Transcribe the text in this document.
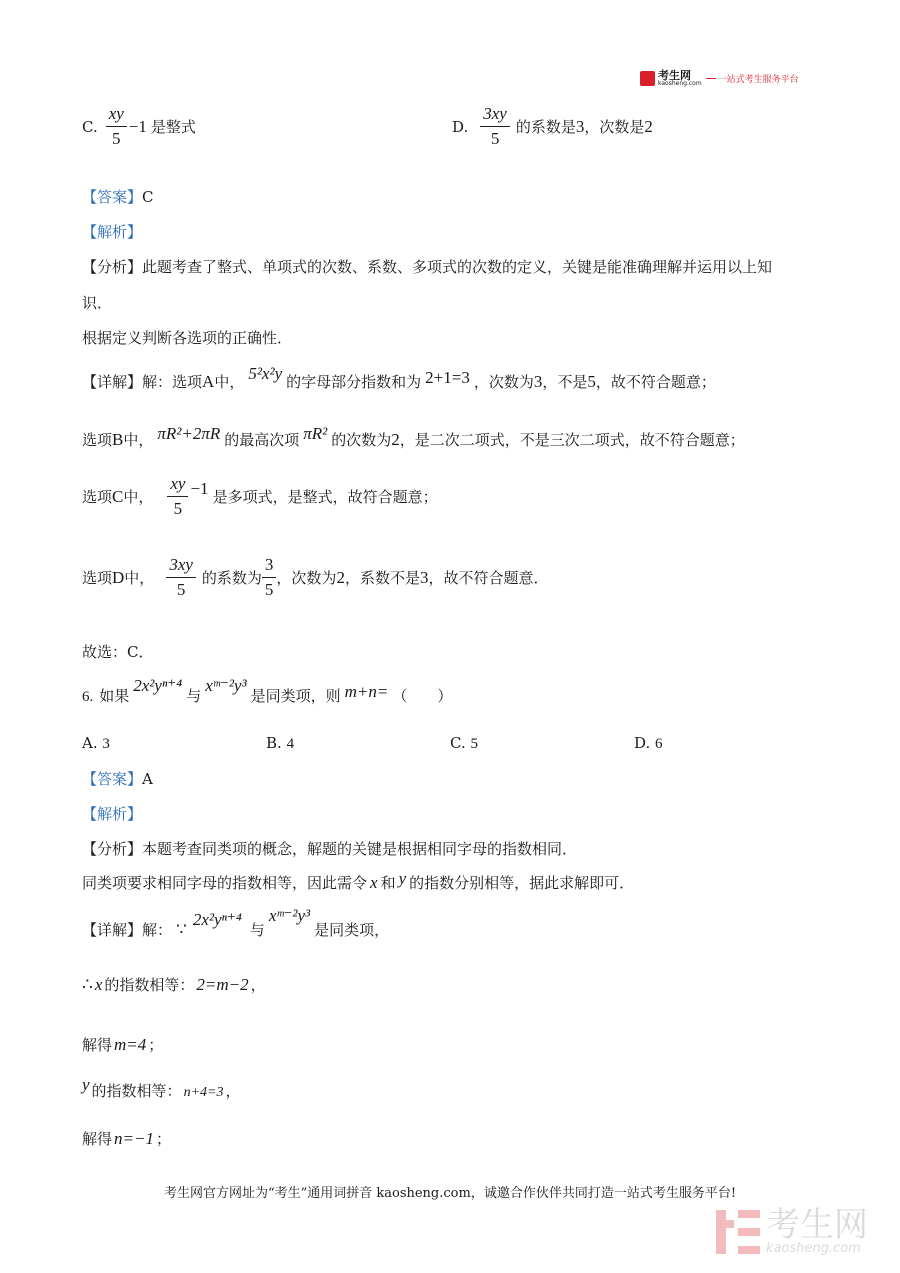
考生网
kaosheng.com 一站式考生服务平台
C. $\frac{xy}{5} -1$ 是整式	D. $\frac{3xy}{5}$ 的系数是 3 ，次数是 2
【答案】C
【解析】
【分析】此题考查了整式、单项式的次数、系数、多项式的次数的定义，关键是能准确理解并运用以上知
识．
根据定义判断各选项的正确性．
【详解】 解：选项 A 中， 5²x²y 的字母部分指数和为 2+1=3 ，次数为 3 ，不是 5 ，故不符合题意；
选项 B 中， πR²+2πR 的最高次项 πR² 的次数为 2 ，是二次二项式，不是三次二项式，故不符合题意；
选项 C 中， $\frac{xy}{5} -1$ 是多项式，是整式，故符合题意；
选项 D 中， $\frac{3xy}{5}$ 的系数为 $\frac{3}{5}$ ，次数为 2 ，系数不是 3 ，故不符合题意．
故选：C．
6. 如果
2x²yⁿ⁺⁴
与
xᵐ⁻²y³
是同类项，则 m+n= （　　）
A. 3	B. 4	C. 5	D. 6
【答案】A
【解析】
【分析】本题考查同类项的概念，解题的关键是根据相同字母的指数相同．
同类项要求相同字母的指数相等，因此需令 x 和 y 的指数分别相等，据此求解即可．
【详解】 解： ∵
2x²yⁿ⁺⁴
与
xᵐ⁻²y³
是同类项，
∴ x 的指数相等： 2=m−2 ，
解得 m=4 ；
y 的指数相等： n+4=3 ，
解得 n=−1 ；
考生网官方网址为“考生”通用词拼音 kaosheng.com，诚邀合作伙伴共同打造一站式考生服务平台!
考生网
kaosheng.com
